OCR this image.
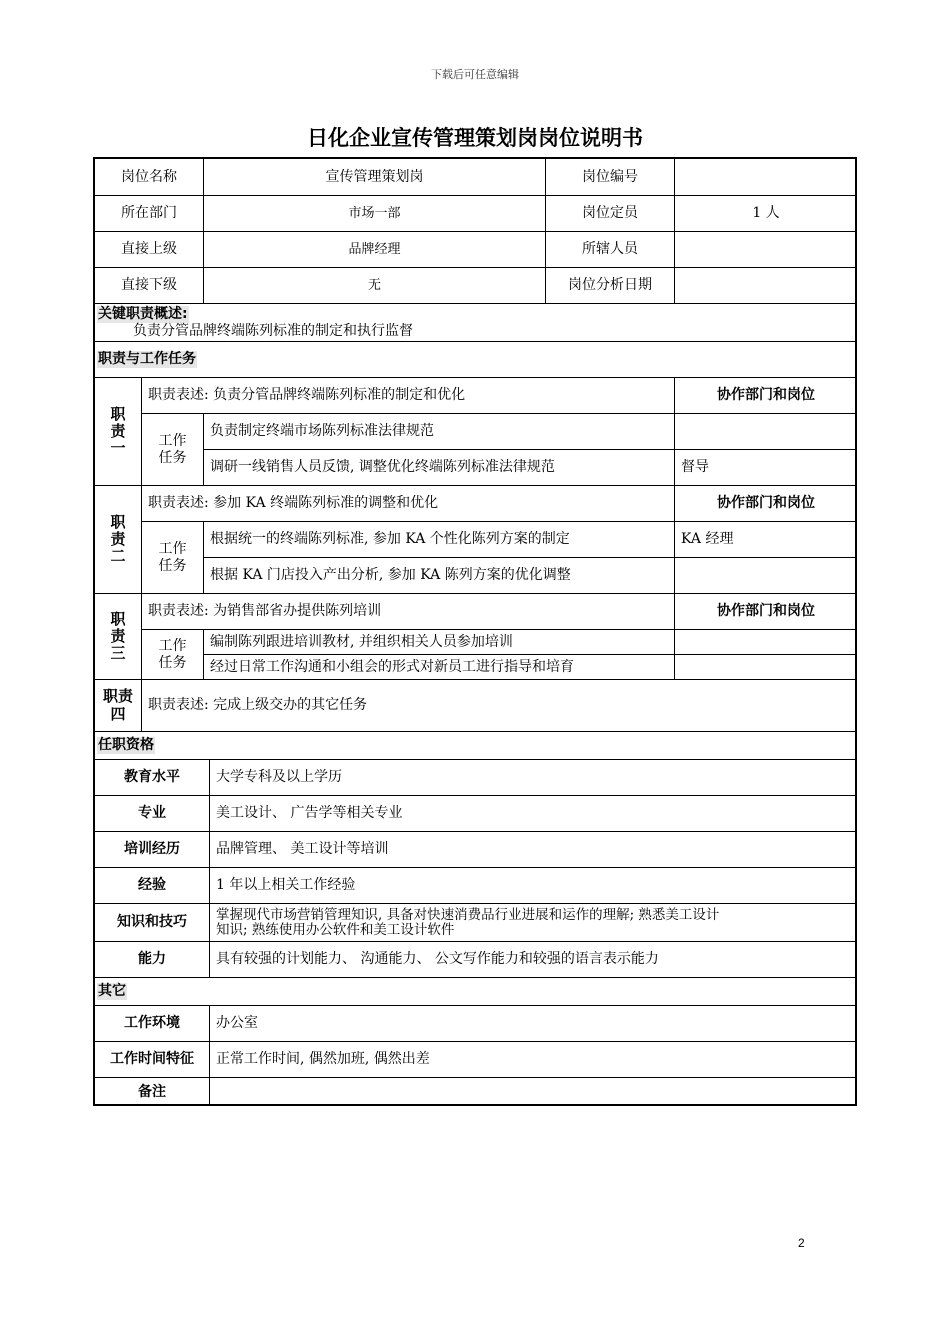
下载后可任意编辑
日化企业宣传管理策划岗岗位说明书
岗位名称	宣传管理策划岗	岗位编号
所在部门	市场一部	岗位定员	1 人
直接上级	品牌经理	所辖人员
直接下级	无	岗位分析日期
关键职责概述:
负责分管品牌终端陈列标准的制定和执行监督
职责与工作任务
职
责
一
职责表述: 负责分管品牌终端陈列标准的制定和优化	协作部门和岗位
工作
任务
负责制定终端市场陈列标准法律规范
调研一线销售人员反馈, 调整优化终端陈列标准法律规范	督导
职
责
二
职责表述: 参加 KA 终端陈列标准的调整和优化	协作部门和岗位
工作
任务
根据统一的终端陈列标准, 参加 KA 个性化陈列方案的制定	KA 经理
根据 KA 门店投入产出分析, 参加 KA 陈列方案的优化调整
职
责
三
职责表述: 为销售部省办提供陈列培训	协作部门和岗位
工作
任务
编制陈列跟进培训教材, 并组织相关人员参加培训
经过日常工作沟通和小组会的形式对新员工进行指导和培育
职责
四	职责表述: 完成上级交办的其它任务
任职资格
教育水平	大学专科及以上学历
专业	美工设计、 广告学等相关专业
培训经历	品牌管理、 美工设计等培训
经验	1 年以上相关工作经验
知识和技巧	掌握现代市场营销管理知识, 具备对快速消费品行业进展和运作的理解; 熟悉美工设计
知识; 熟练使用办公软件和美工设计软件
能力	具有较强的计划能力、 沟通能力、 公文写作能力和较强的语言表示能力
其它
工作环境	办公室
工作时间特征	正常工作时间, 偶然加班, 偶然出差
备注
2
